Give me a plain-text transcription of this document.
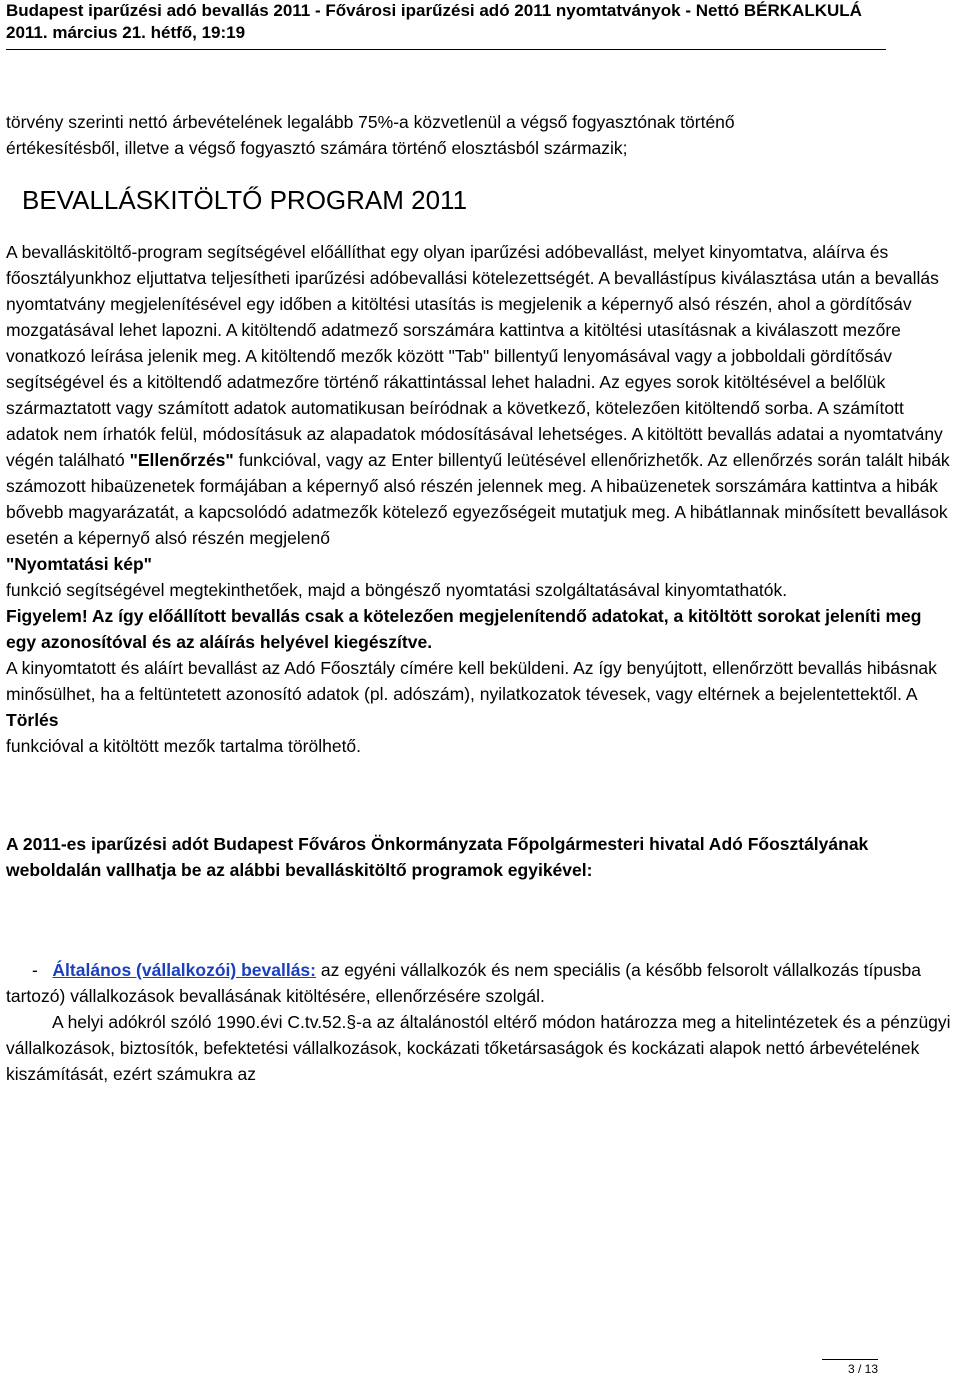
Budapest iparűzési adó bevallás 2011 - Fővárosi iparűzési adó 2011 nyomtatványok - Nettó BÉRKALKULÁ
2011. március 21. hétfő, 19:19

törvény szerinti nettó árbevételének legalább 75%-a közvetlenül a végső fogyasztónak történő

értékesítésből, illetve a végső fogyasztó számára történő elosztásból származik;

BEVALLÁSKITÖLTŐ PROGRAM 2011

A bevalláskitöltő-program segítségével előállíthat egy olyan iparűzési adóbevallást, melyet kinyomtatva, aláírva és főosztályunkhoz eljuttatva teljesítheti iparűzési adóbevallási kötelezettségét. A bevallástípus kiválasztása után a bevallás nyomtatvány megjelenítésével egy időben a kitöltési utasítás is megjelenik a képernyő alsó részén, ahol a gördítősáv mozgatásával lehet lapozni. A kitöltendő adatmező sorszámára kattintva a kitöltési utasításnak a kiválaszott mezőre vonatkozó leírása jelenik meg. A kitöltendő mezők között "Tab" billentyű lenyomásával vagy a jobboldali gördítősáv segítségével és a kitöltendő adatmezőre történő rákattintással lehet haladni. Az egyes sorok kitöltésével a belőlük származtatott vagy számított adatok automatikusan beíródnak a következő, kötelezően kitöltendő sorba. A számított adatok nem írhatók felül, módosításuk az alapadatok módosításával lehetséges. A kitöltött bevallás adatai a nyomtatvány végén található "Ellenőrzés" funkcióval, vagy az Enter billentyű leütésével ellenőrizhetők. Az ellenőrzés során talált hibák számozott hibaüzenetek formájában a képernyő alsó részén jelennek meg. A hibaüzenetek sorszámára kattintva a hibák bővebb magyarázatát, a kapcsolódó adatmezők kötelező egyezőségeit mutatjuk meg. A hibátlannak minősített bevallások esetén a képernyő alsó részén megjelenő

"Nyomtatási kép"

funkció segítségével megtekinthetőek, majd a böngésző nyomtatási szolgáltatásával kinyomtathatók.

Figyelem! Az így előállított bevallás csak a kötelezően megjelenítendő adatokat, a kitöltött sorokat jeleníti meg egy azonosítóval és az aláírás helyével kiegészítve.

A kinyomtatott és aláírt bevallást az Adó Főosztály címére kell beküldeni. Az így benyújtott, ellenőrzött bevallás hibásnak minősülhet, ha a feltüntetett azonosító adatok (pl. adószám), nyilatkozatok tévesek, vagy eltérnek a bejelentettektől. A

Törlés

funkcióval a kitöltött mezők tartalma törölhető.

A 2011-es iparűzési adót Budapest Főváros Önkormányzata Főpolgármesteri hivatal Adó Főosztályának weboldalán vallhatja be az alábbi bevalláskitöltő programok egyikével:

- Általános (vállalkozói) bevallás: az egyéni vállalkozók és nem speciális (a később felsorolt vállalkozás típusba tartozó) vállalkozások bevallásának kitöltésére, ellenőrzésére szolgál.

A helyi adókról szóló 1990.évi C.tv.52.§-a az általánostól eltérő módon határozza meg a hitelintézetek és a pénzügyi vállalkozások, biztosítók, befektetési vállalkozások, kockázati tőketársaságok és kockázati alapok nettó árbevételének kiszámítását, ezért számukra az

3 / 13
